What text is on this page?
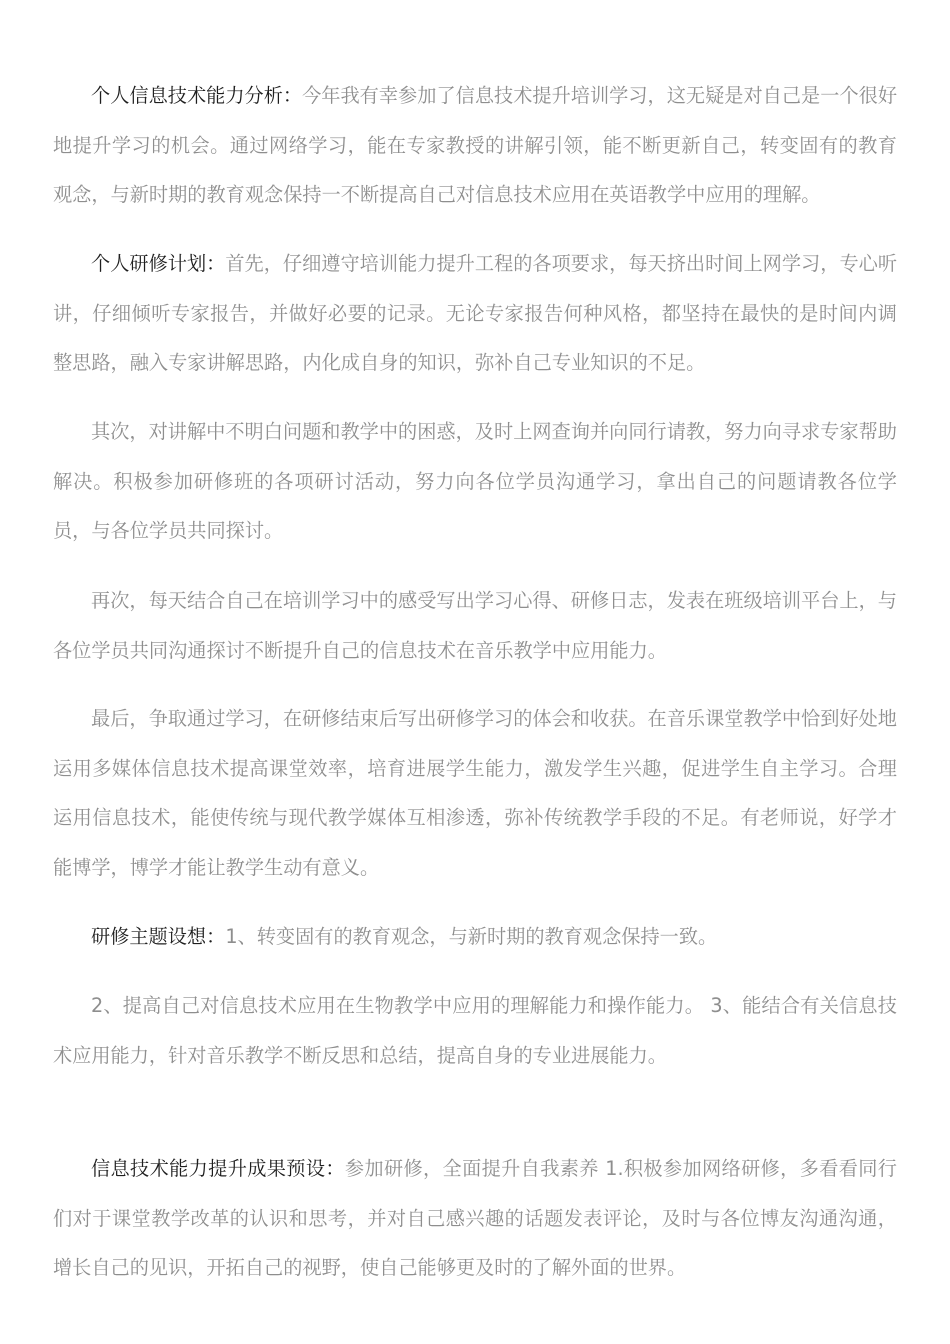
个人信息技术能力分析：今年我有幸参加了信息技术提升培训学习，这无疑是对自己是一个很好地提升学习的机会。通过网络学习，能在专家教授的讲解引领，能不断更新自己，转变固有的教育观念，与新时期的教育观念保持一不断提高自己对信息技术应用在英语教学中应用的理解。

个人研修计划：首先，仔细遵守培训能力提升工程的各项要求，每天挤出时间上网学习，专心听讲，仔细倾听专家报告，并做好必要的记录。无论专家报告何种风格，都坚持在最快的是时间内调整思路，融入专家讲解思路，内化成自身的知识，弥补自己专业知识的不足。

其次，对讲解中不明白问题和教学中的困惑，及时上网查询并向同行请教，努力向寻求专家帮助解决。积极参加研修班的各项研讨活动，努力向各位学员沟通学习，拿出自己的问题请教各位学员，与各位学员共同探讨。

再次，每天结合自己在培训学习中的感受写出学习心得、研修日志，发表在班级培训平台上，与各位学员共同沟通探讨不断提升自己的信息技术在音乐教学中应用能力。

最后，争取通过学习，在研修结束后写出研修学习的体会和收获。在音乐课堂教学中恰到好处地运用多媒体信息技术提高课堂效率，培育进展学生能力，激发学生兴趣，促进学生自主学习。合理运用信息技术，能使传统与现代教学媒体互相渗透，弥补传统教学手段的不足。有老师说，好学才能博学，博学才能让教学生动有意义。

研修主题设想：1、转变固有的教育观念，与新时期的教育观念保持一致。

2、提高自己对信息技术应用在生物教学中应用的理解能力和操作能力。 3、能结合有关信息技术应用能力，针对音乐教学不断反思和总结，提高自身的专业进展能力。

信息技术能力提升成果预设：参加研修，全面提升自我素养 1.积极参加网络研修，多看看同行们对于课堂教学改革的认识和思考，并对自己感兴趣的话题发表评论，及时与各位博友沟通沟通，增长自己的见识，开拓自己的视野，使自己能够更及时的了解外面的世界。
